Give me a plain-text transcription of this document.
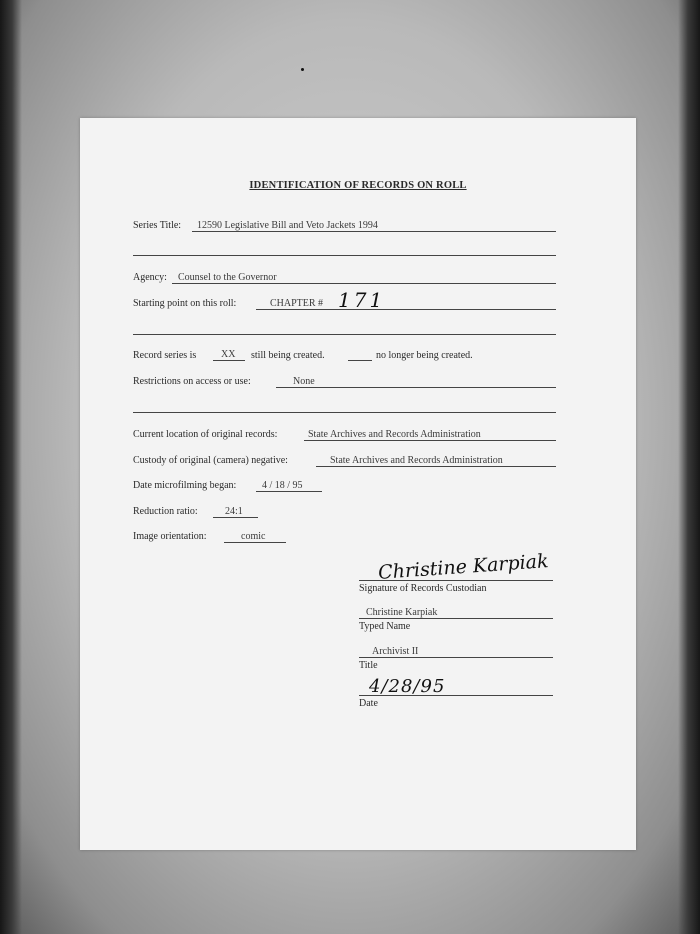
IDENTIFICATION OF RECORDS ON ROLL
Series Title: 12590 Legislative Bill and Veto Jackets 1994
Agency: Counsel to the Governor
Starting point on this roll:	CHAPTER # 171
Record series is XX still being created.	no longer being created.
Restrictions on access or use:	None
Current location of original records:	State Archives and Records Administration
Custody of original (camera) negative:	State Archives and Records Administration
Date microfilming began:	4 / 18 / 95
Reduction ratio:	24:1
Image orientation:	comic
Christine Karpiak
Signature of Records Custodian
Christine Karpiak
Typed Name
Archivist II
Title
4/28/95
Date
